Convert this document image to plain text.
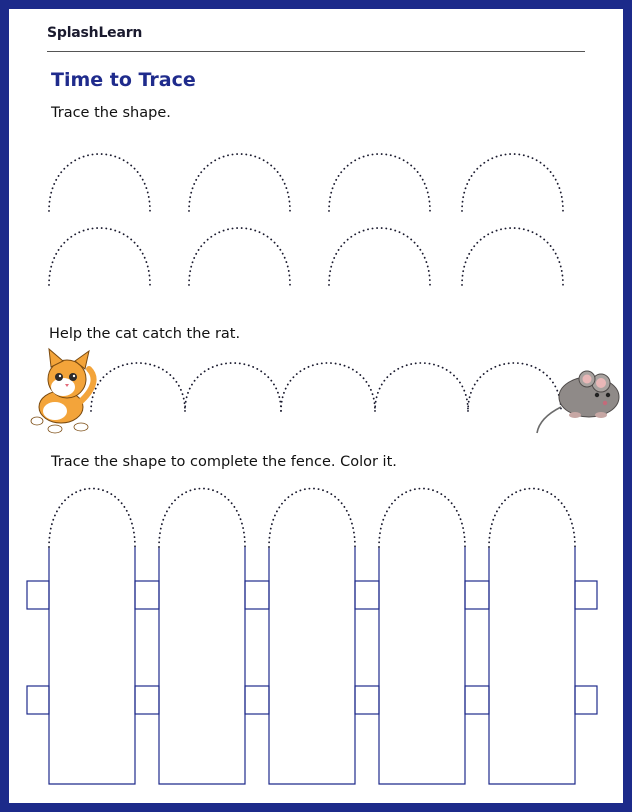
SplashLearn
Time to Trace
Trace the shape.
Help the cat catch the rat.
Trace the shape to complete the fence. Color it.
